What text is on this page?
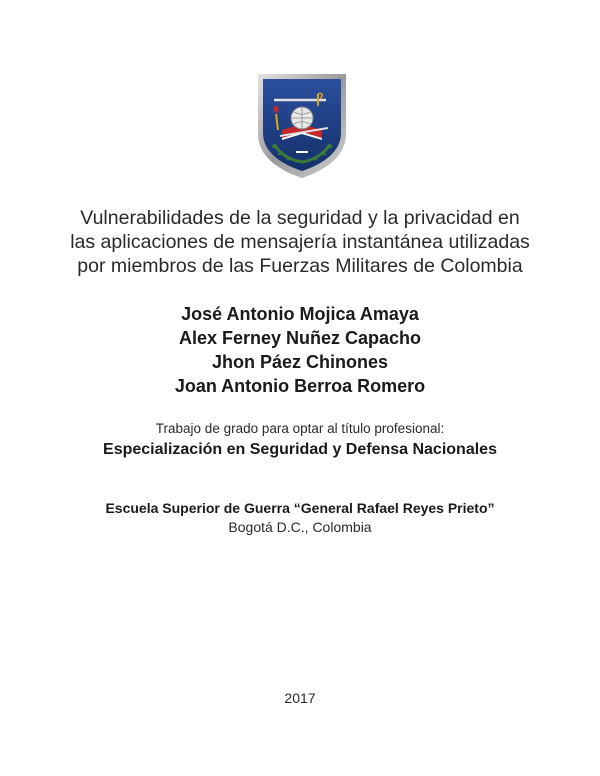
Vulnerabilidades de la seguridad y la privacidad en
las aplicaciones de mensajería instantánea utilizadas
por miembros de las Fuerzas Militares de Colombia
José Antonio Mojica Amaya
Alex Ferney Nuñez Capacho
Jhon Páez Chinones
Joan Antonio Berroa Romero
Trabajo de grado para optar al título profesional:
Especialización en Seguridad y Defensa Nacionales
Escuela Superior de Guerra “General Rafael Reyes Prieto”
Bogotá D.C., Colombia
2017
